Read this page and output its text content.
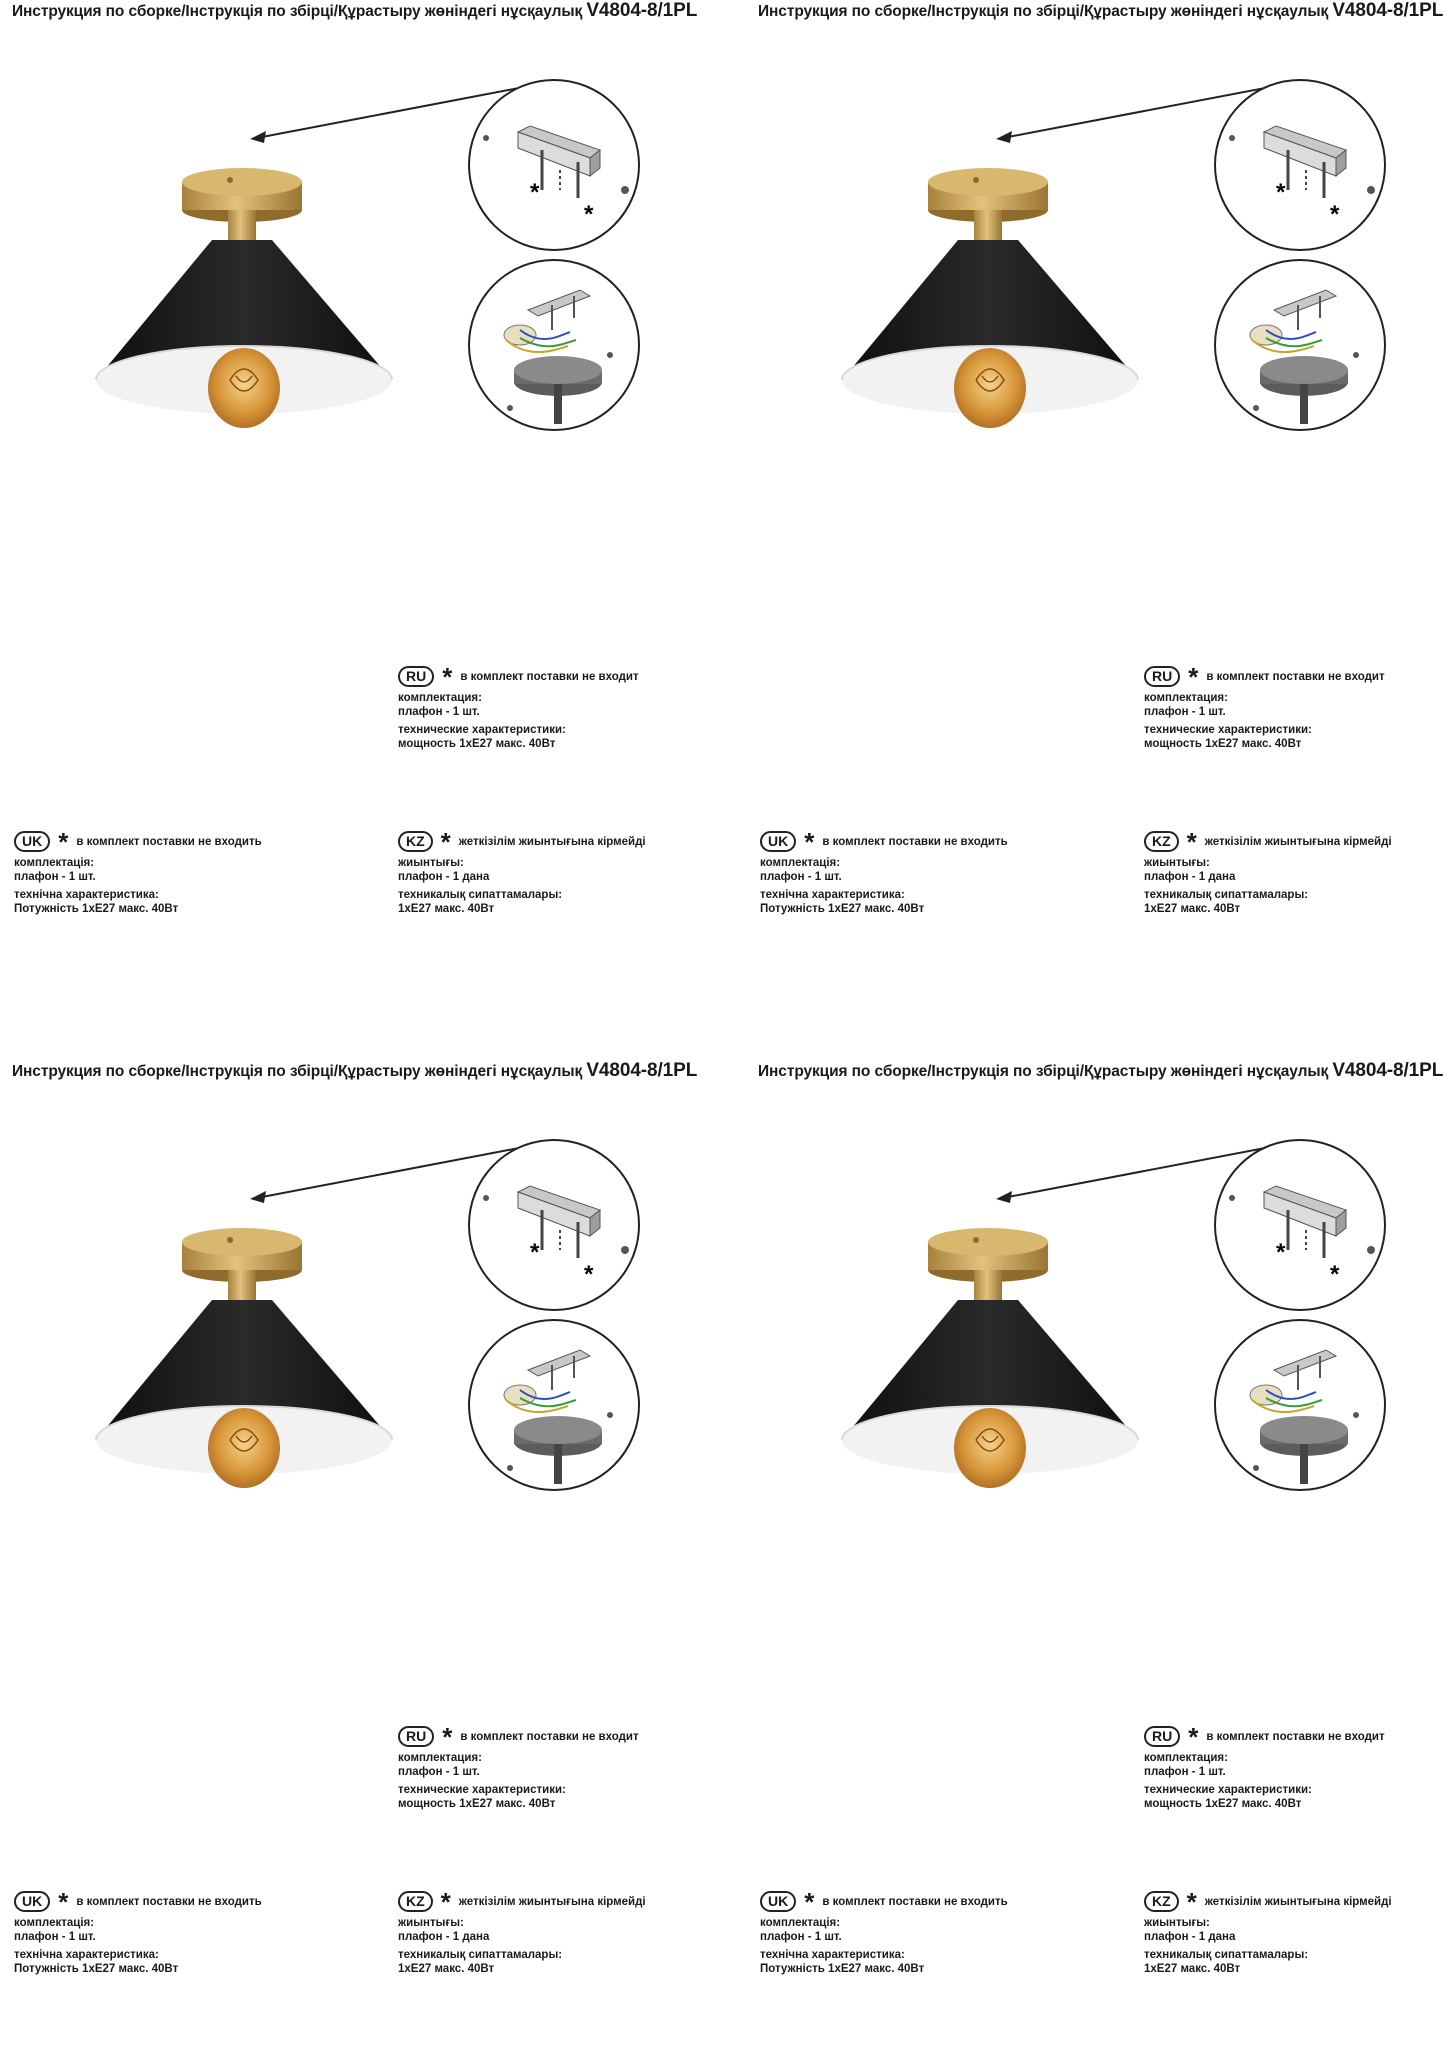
Инструкция по сборке/Інструкція по збірці/Құрастыру жөніндегі нұсқаулық V4804-8/1PL
*
*
RU * в комплект поставки не входит
комплектация:
плафон - 1 шт.
технические характеристики:
мощность 1хЕ27 макс. 40Вт
UK * в комплект поставки не входить
комплектація:
плафон - 1 шт.
технічна характеристика:
Потужність 1хЕ27 макс. 40Вт
KZ * жеткізілім жиынтығына кірмейді
жиынтығы:
плафон - 1 дана
техникалық сипаттамалары:
1хЕ27 макс. 40Вт
Инструкция по сборке/Інструкція по збірці/Құрастыру жөніндегі нұсқаулық V4804-8/1PL
*
*
RU * в комплект поставки не входит
комплектация:
плафон - 1 шт.
технические характеристики:
мощность 1хЕ27 макс. 40Вт
UK * в комплект поставки не входить
комплектація:
плафон - 1 шт.
технічна характеристика:
Потужність 1хЕ27 макс. 40Вт
KZ * жеткізілім жиынтығына кірмейді
жиынтығы:
плафон - 1 дана
техникалық сипаттамалары:
1хЕ27 макс. 40Вт
Инструкция по сборке/Інструкція по збірці/Құрастыру жөніндегі нұсқаулық V4804-8/1PL
*
*
RU * в комплект поставки не входит
комплектация:
плафон - 1 шт.
технические характеристики:
мощность 1хЕ27 макс. 40Вт
UK * в комплект поставки не входить
комплектація:
плафон - 1 шт.
технічна характеристика:
Потужність 1хЕ27 макс. 40Вт
KZ * жеткізілім жиынтығына кірмейді
жиынтығы:
плафон - 1 дана
техникалық сипаттамалары:
1хЕ27 макс. 40Вт
Инструкция по сборке/Інструкція по збірці/Құрастыру жөніндегі нұсқаулық V4804-8/1PL
*
*
RU * в комплект поставки не входит
комплектация:
плафон - 1 шт.
технические характеристики:
мощность 1хЕ27 макс. 40Вт
UK * в комплект поставки не входить
комплектація:
плафон - 1 шт.
технічна характеристика:
Потужність 1хЕ27 макс. 40Вт
KZ * жеткізілім жиынтығына кірмейді
жиынтығы:
плафон - 1 дана
техникалық сипаттамалары:
1хЕ27 макс. 40Вт
